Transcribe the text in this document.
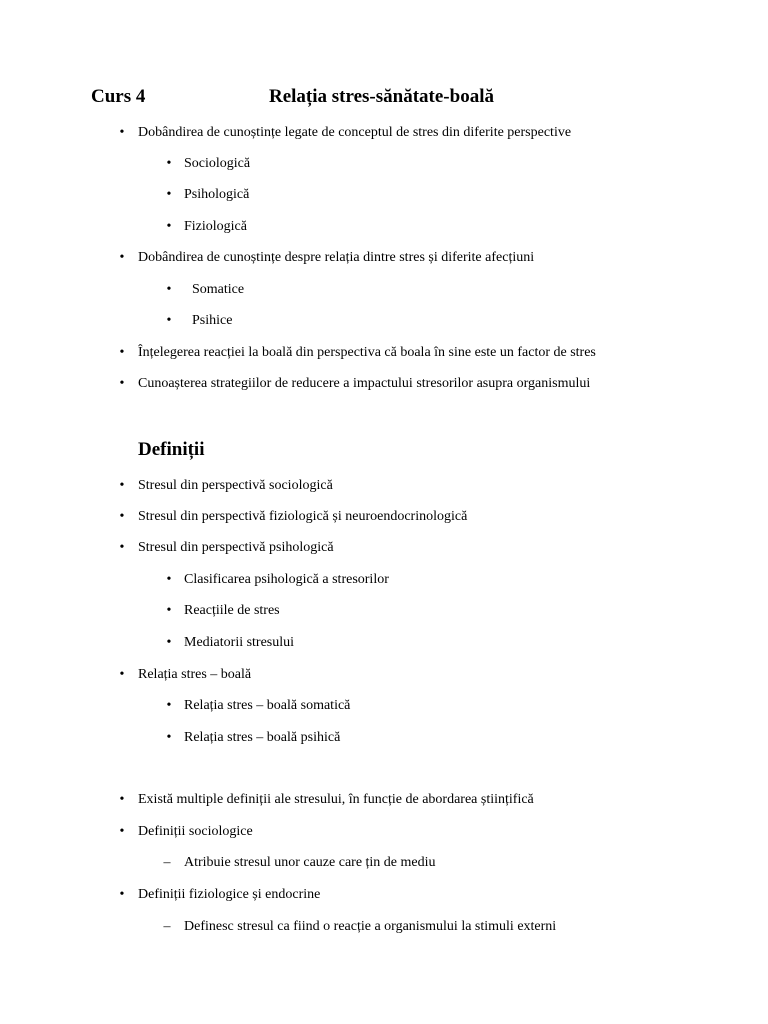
Curs 4	Relația stres-sănătate-boală
• Dobândirea de cunoștințe legate de conceptul de stres din diferite perspective
• Sociologică
• Psihologică
• Fiziologică
• Dobândirea de cunoștințe despre relația dintre stres și diferite afecțiuni
•	Somatice
•	Psihice
• Înțelegerea reacției la boală din perspectiva că boala în sine este un factor de stres
• Cunoașterea strategiilor de reducere a impactului stresorilor asupra organismului
Definiții
• Stresul din perspectivă sociologică
• Stresul din perspectivă fiziologică și neuroendocrinologică
• Stresul din perspectivă psihologică
• Clasificarea psihologică a stresorilor
• Reacțiile de stres
• Mediatorii stresului
• Relația stres – boală
• Relația stres – boală somatică
• Relația stres – boală psihică
• Există multiple definiții ale stresului, în funcție de abordarea științifică
• Definiții sociologice
– Atribuie stresul unor cauze care țin de mediu
• Definiții fiziologice și endocrine
– Definesc stresul ca fiind o reacție a organismului la stimuli externi
